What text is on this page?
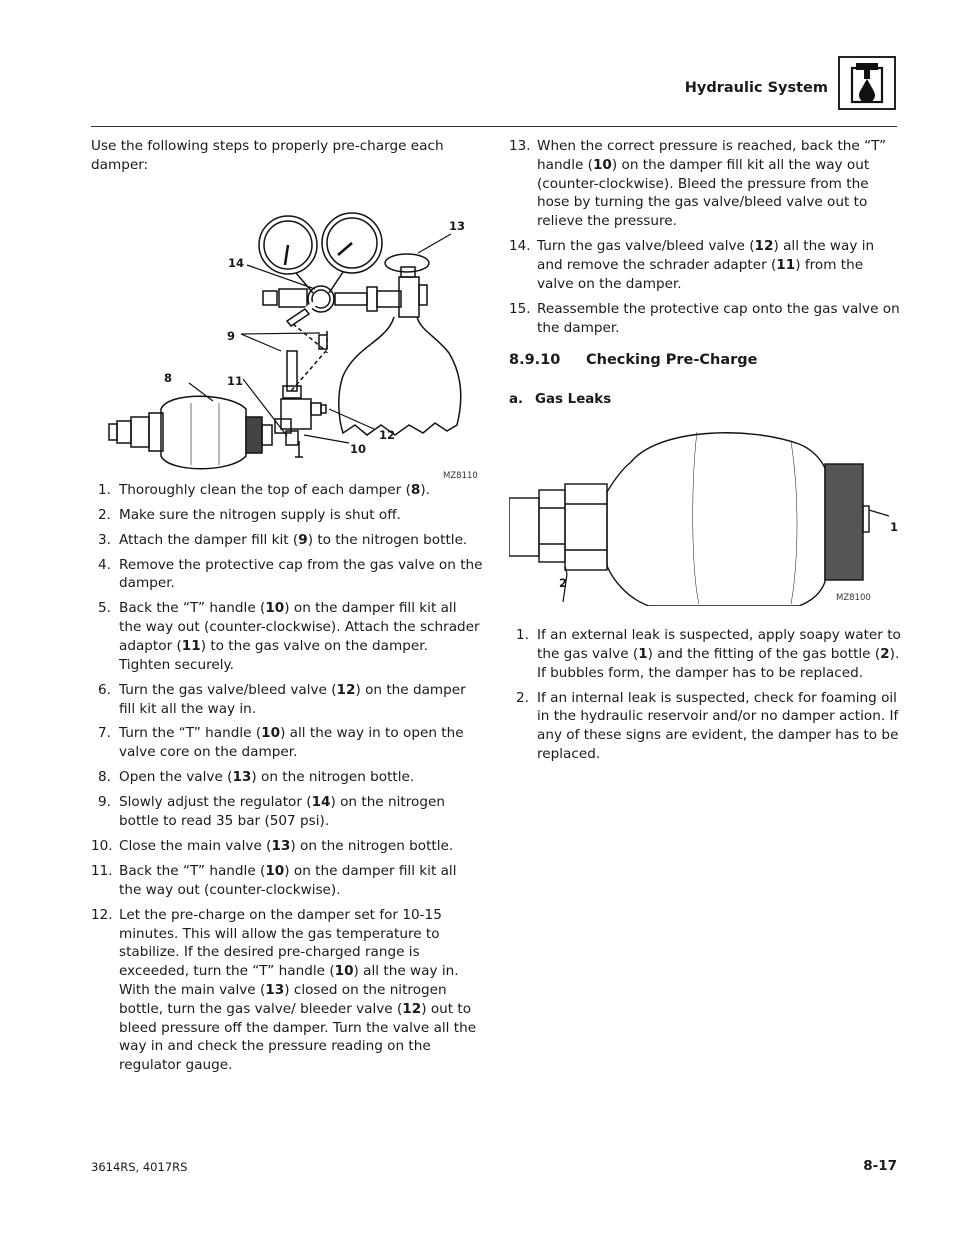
Hydraulic System

Use the following steps to properly pre-charge each damper:

14
9
8	11
12
10
13
MZ8110
1. Thoroughly clean the top of each damper (8).
2. Make sure the nitrogen supply is shut off.
3. Attach the damper fill kit (9) to the nitrogen bottle.
4. Remove the protective cap from the gas valve on the damper.
5. Back the “T” handle (10) on the damper fill kit all the way out (counter-clockwise). Attach the schrader adaptor (11) to the gas valve on the damper. Tighten securely.
6. Turn the gas valve/bleed valve (12) on the damper fill kit all the way in.
7. Turn the “T” handle (10) all the way in to open the valve core on the damper.
8. Open the valve (13) on the nitrogen bottle.
9. Slowly adjust the regulator (14) on the nitrogen bottle to read 35 bar (507 psi).
10. Close the main valve (13) on the nitrogen bottle.
11. Back the “T” handle (10) on the damper fill kit all the way out (counter-clockwise).
12. Let the pre-charge on the damper set for 10-15 minutes. This will allow the gas temperature to stabilize. If the desired pre-charged range is exceeded, turn the “T” handle (10) all the way in. With the main valve (13) closed on the nitrogen bottle, turn the gas valve/ bleeder valve (12) out to bleed pressure off the damper. Turn the valve all the way in and check the pressure reading on the regulator gauge.
13. When the correct pressure is reached, back the “T” handle (10) on the damper fill kit all the way out (counter-clockwise). Bleed the pressure from the hose by turning the gas valve/bleed valve out to relieve the pressure.
14. Turn the gas valve/bleed valve (12) all the way in and remove the schrader adapter (11) from the valve on the damper.
15. Reassemble the protective cap onto the gas valve on the damper.
8.9.10 Checking Pre-Charge
a. Gas Leaks
1
2
MZ8100
1. If an external leak is suspected, apply soapy water to the gas valve (1) and the fitting of the gas bottle (2). If bubbles form, the damper has to be replaced.
2. If an internal leak is suspected, check for foaming oil in the hydraulic reservoir and/or no damper action. If any of these signs are evident, the damper has to be replaced.
3614RS, 4017RS	8-17
